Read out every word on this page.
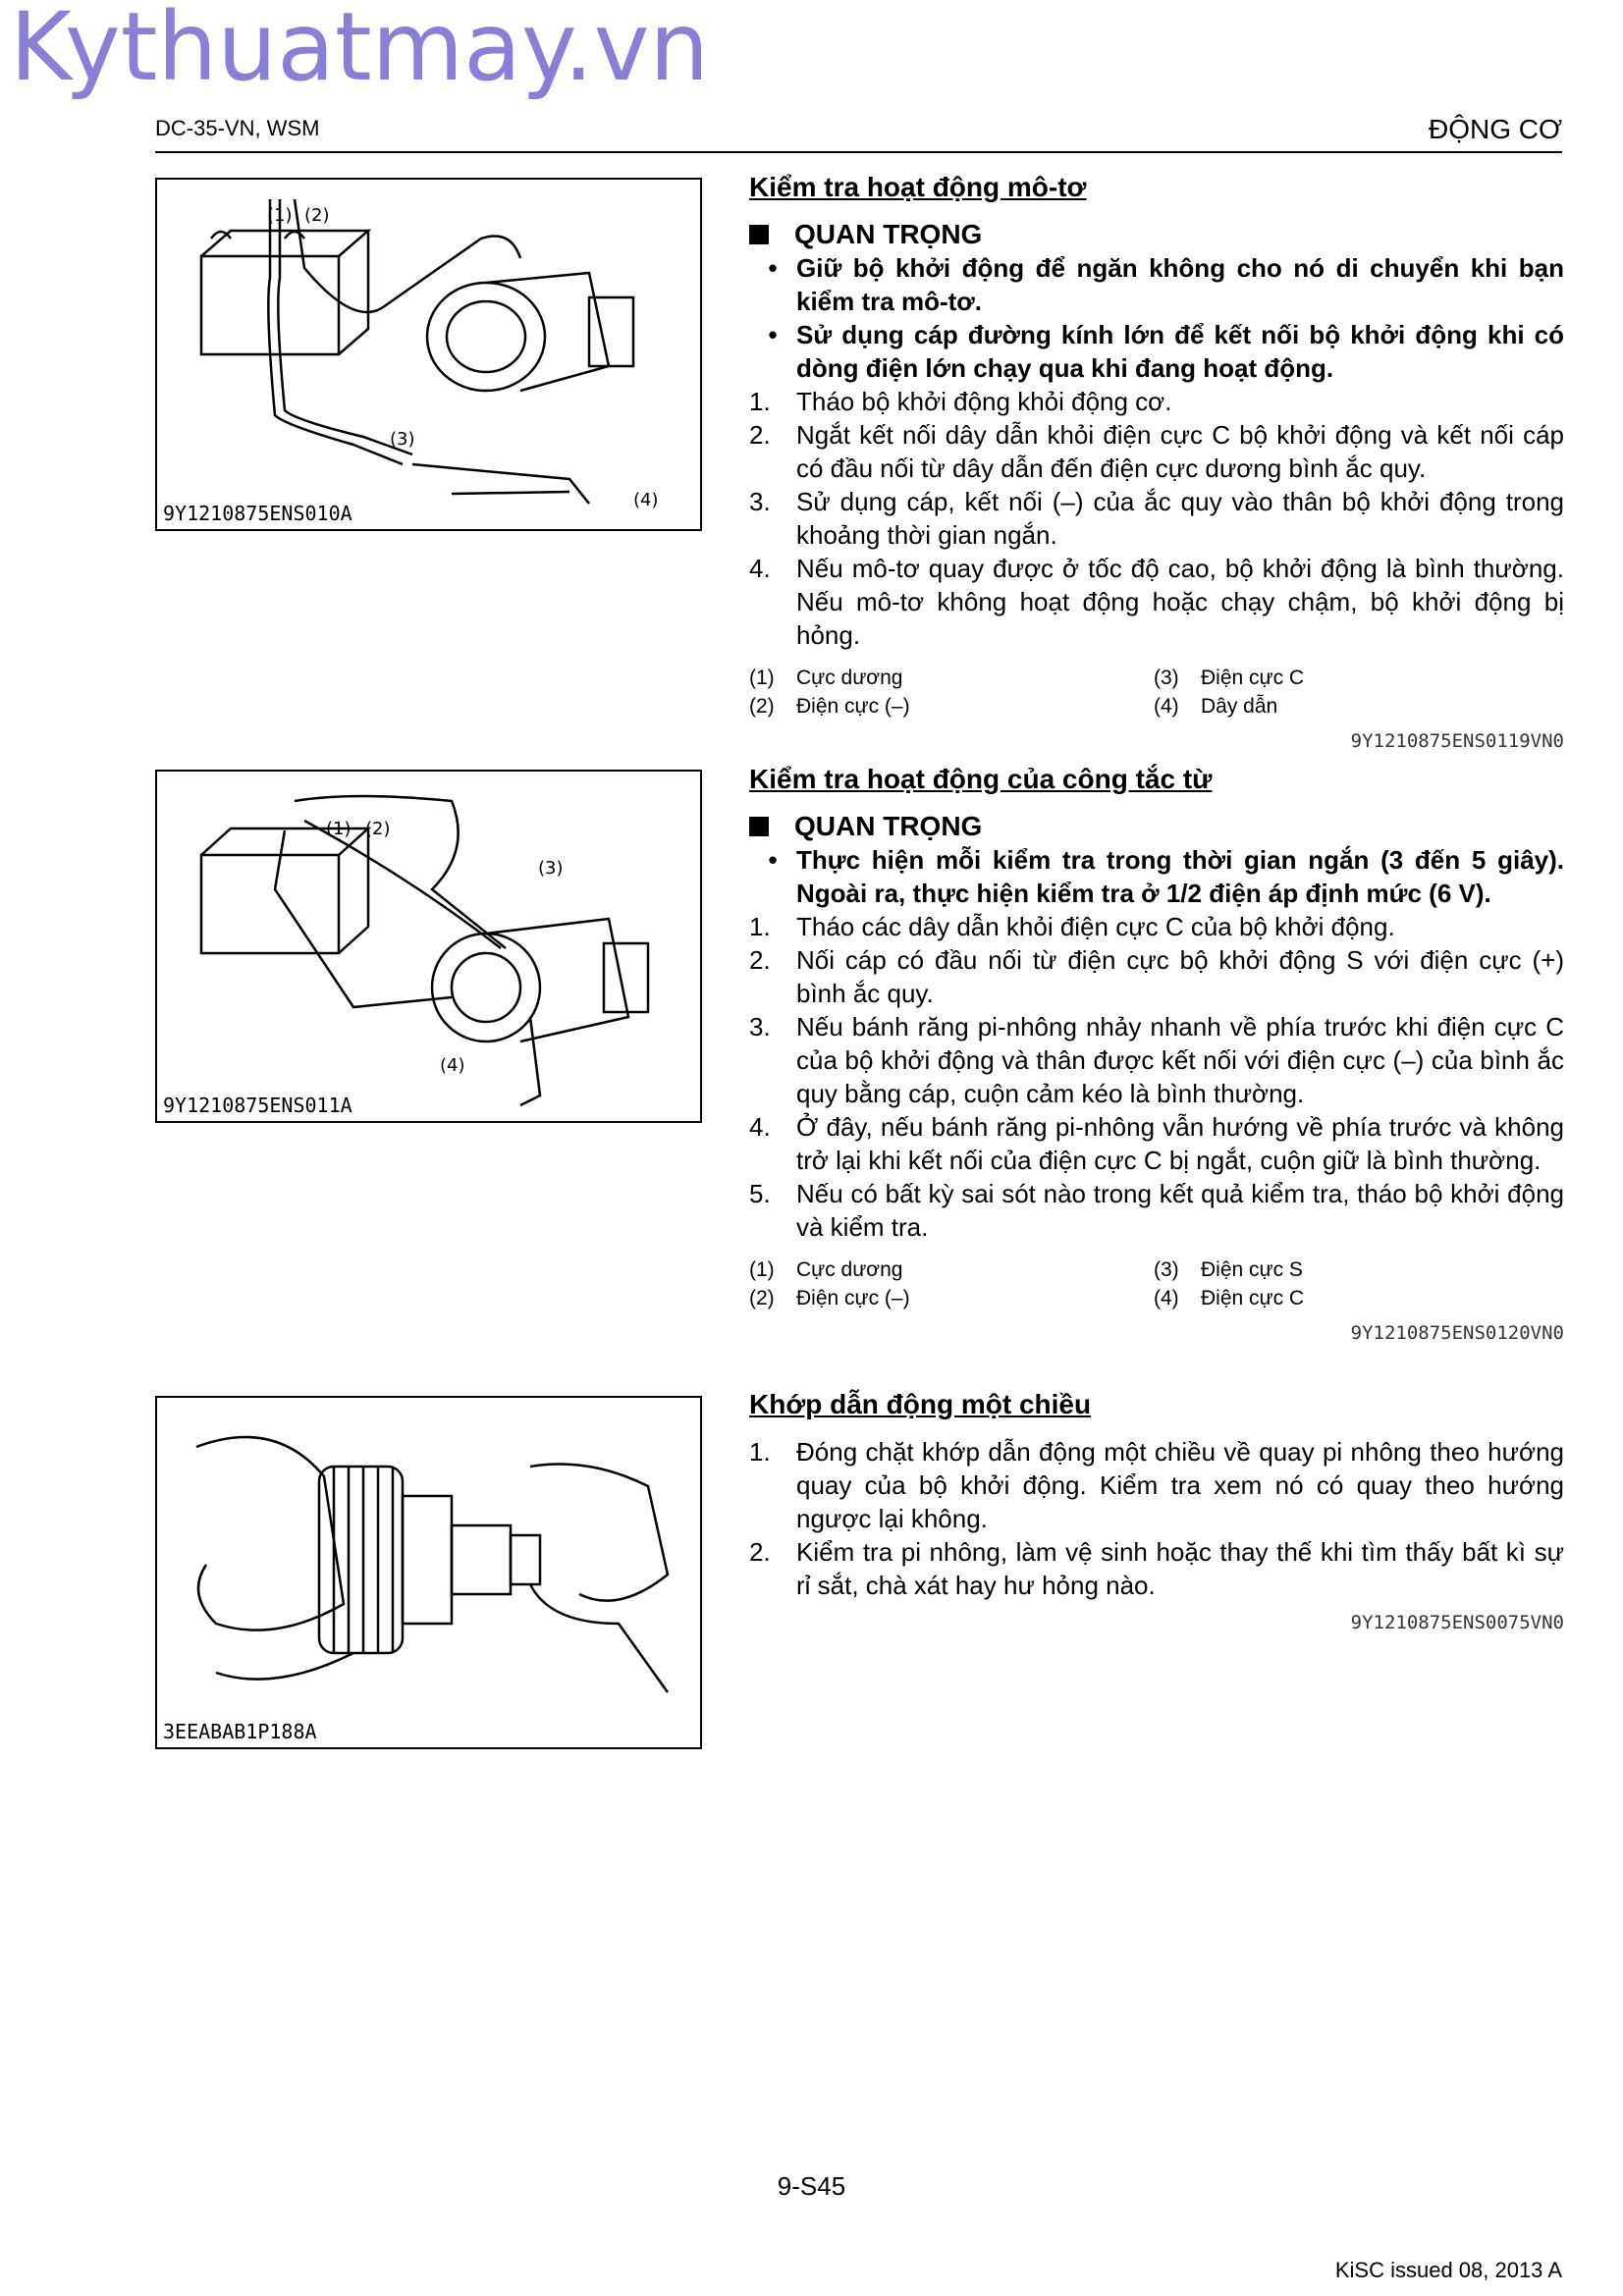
Kythuatmay.vn
DC-35-VN, WSM	ĐỘNG CƠ
(1) (2)
(3)
(4)
9Y1210875ENS010A
(1) (2)
(3)
(4)
9Y1210875ENS011A
3EEABAB1P188A
Kiểm tra hoạt động mô-tơ
QUAN TRỌNG
• Giữ bộ khởi động để ngăn không cho nó di chuyển khi bạn kiểm tra mô-tơ.
• Sử dụng cáp đường kính lớn để kết nối bộ khởi động khi có dòng điện lớn chạy qua khi đang hoạt động.
1.	Tháo bộ khởi động khỏi động cơ.
2.	Ngắt kết nối dây dẫn khỏi điện cực C bộ khởi động và kết nối cáp có đầu nối từ dây dẫn đến điện cực dương bình ắc quy.
3.	Sử dụng cáp, kết nối (–) của ắc quy vào thân bộ khởi động trong khoảng thời gian ngắn.
4.	Nếu mô-tơ quay được ở tốc độ cao, bộ khởi động là bình thường. Nếu mô-tơ không hoạt động hoặc chạy chậm, bộ khởi động bị hỏng.
(1)	Cực dương	(3)	Điện cực C
(2)	Điện cực (–)	(4)	Dây dẫn
9Y1210875ENS0119VN0
Kiểm tra hoạt động của công tắc từ
QUAN TRỌNG
• Thực hiện mỗi kiểm tra trong thời gian ngắn (3 đến 5 giây). Ngoài ra, thực hiện kiểm tra ở 1/2 điện áp định mức (6 V).
1.	Tháo các dây dẫn khỏi điện cực C của bộ khởi động.
2.	Nối cáp có đầu nối từ điện cực bộ khởi động S với điện cực (+) bình ắc quy.
3.	Nếu bánh răng pi-nhông nhảy nhanh về phía trước khi điện cực C của bộ khởi động và thân được kết nối với điện cực (–) của bình ắc quy bằng cáp, cuộn cảm kéo là bình thường.
4.	Ở đây, nếu bánh răng pi-nhông vẫn hướng về phía trước và không trở lại khi kết nối của điện cực C bị ngắt, cuộn giữ là bình thường.
5.	Nếu có bất kỳ sai sót nào trong kết quả kiểm tra, tháo bộ khởi động và kiểm tra.
(1)	Cực dương	(3)	Điện cực S
(2)	Điện cực (–)	(4)	Điện cực C
9Y1210875ENS0120VN0
Khớp dẫn động một chiều
1.	Đóng chặt khớp dẫn động một chiều về quay pi nhông theo hướng quay của bộ khởi động. Kiểm tra xem nó có quay theo hướng ngược lại không.
2.	Kiểm tra pi nhông, làm vệ sinh hoặc thay thế khi tìm thấy bất kì sự rỉ sắt, chà xát hay hư hỏng nào.
9Y1210875ENS0075VN0
9-S45
KiSC issued 08, 2013 A
